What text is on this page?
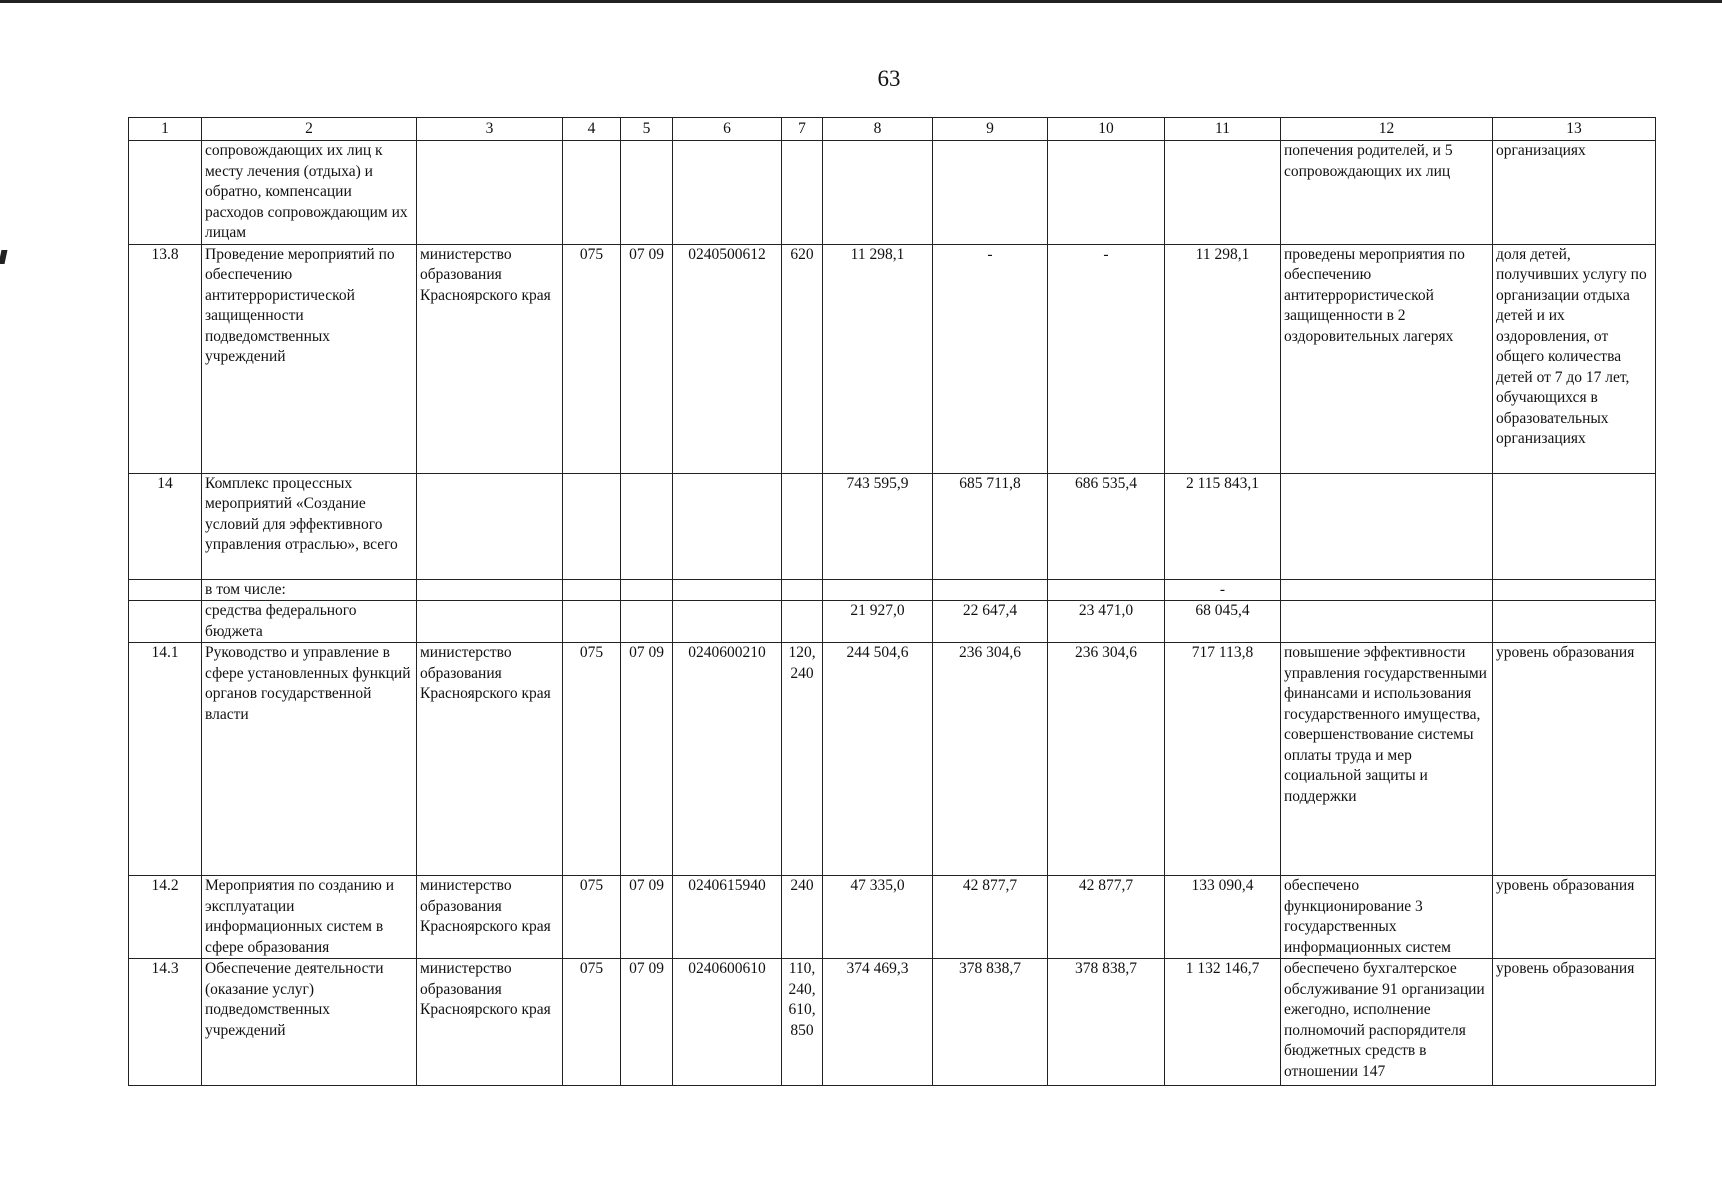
63
1	2	3	4	5	6	7	8	9	10	11	12	13
	сопровождающих их лиц к месту лечения (отдыха) и обратно, компенсации расходов сопровождающим их лицам										попечения родителей, и 5 сопровождающих их лиц	организациях
13.8	Проведение мероприятий по обеспечению антитеррористической защищенности подведомственных учреждений	министерство образования Красноярского края	075	07 09	0240500612	620	11 298,1	-	-	11 298,1	проведены мероприятия по обеспечению антитеррористической защищенности в 2 оздоровительных лагерях	доля детей, получивших услугу по организации отдыха детей и их оздоровления, от общего количества детей от 7 до 17 лет, обучающихся в образовательных организациях
14	Комплекс процессных мероприятий «Создание условий для эффективного управления отраслью», всего						743 595,9	685 711,8	686 535,4	2 115 843,1		
	в том числе:									-		
	средства федерального бюджета						21 927,0	22 647,4	23 471,0	68 045,4		
14.1	Руководство и управление в сфере установленных функций органов государственной власти	министерство образования Красноярского края	075	07 09	0240600210	120, 240	244 504,6	236 304,6	236 304,6	717 113,8	повышение эффективности управления государственными финансами и использования государственного имущества, совершенствование системы оплаты труда и мер социальной защиты и поддержки	уровень образования
14.2	Мероприятия по созданию и эксплуатации информационных систем в сфере образования	министерство образования Красноярского края	075	07 09	0240615940	240	47 335,0	42 877,7	42 877,7	133 090,4	обеспечено функционирование 3 государственных информационных систем	уровень образования
14.3	Обеспечение деятельности (оказание услуг) подведомственных учреждений	министерство образования Красноярского края	075	07 09	0240600610	110, 240, 610, 850	374 469,3	378 838,7	378 838,7	1 132 146,7	обеспечено бухгалтерское обслуживание 91 организации ежегодно, исполнение полномочий распорядителя бюджетных средств в отношении 147	уровень образования
